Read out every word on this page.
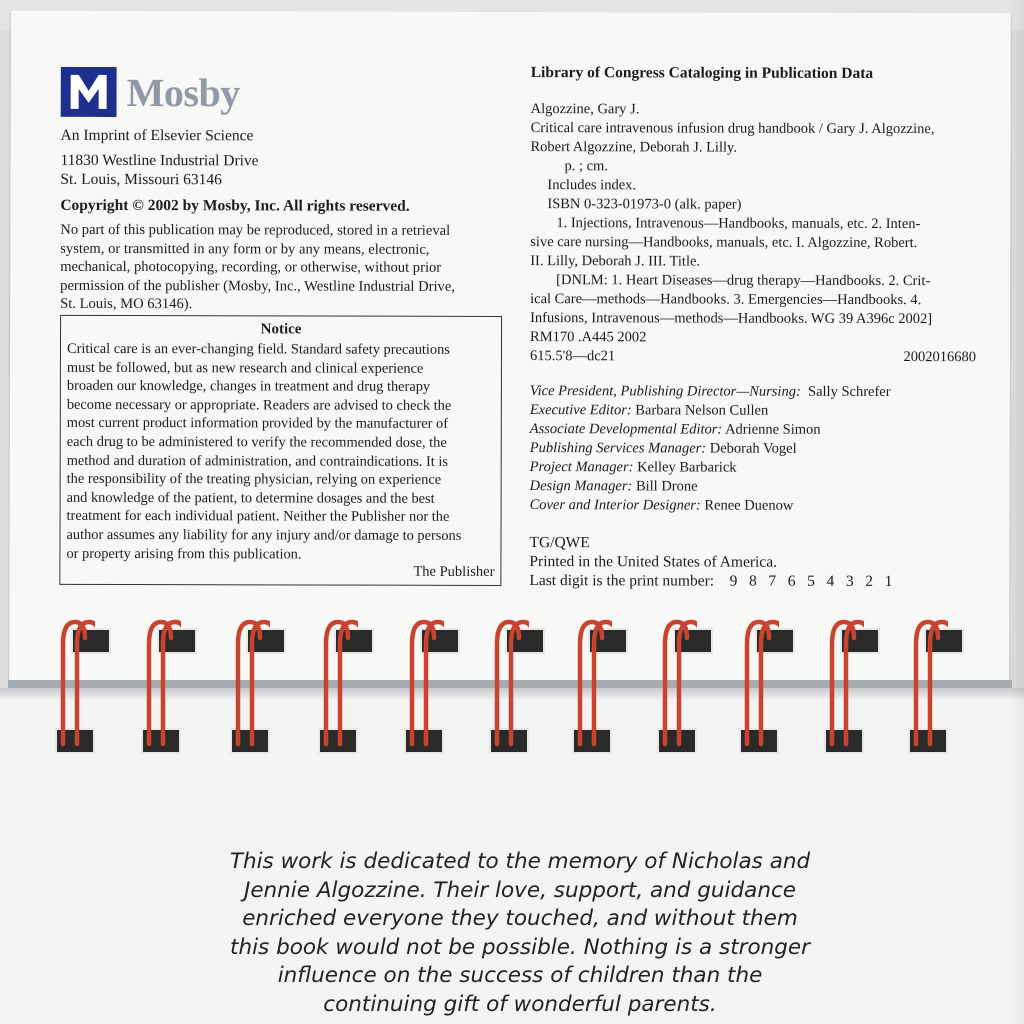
Mosby
An Imprint of Elsevier Science
11830 Westline Industrial Drive
St. Louis, Missouri 63146
Copyright © 2002 by Mosby, Inc. All rights reserved.
No part of this publication may be reproduced, stored in a retrieval
system, or transmitted in any form or by any means, electronic,
mechanical, photocopying, recording, or otherwise, without prior
permission of the publisher (Mosby, Inc., Westline Industrial Drive,
St. Louis, MO 63146).
Notice
Critical care is an ever-changing field. Standard safety precautions
must be followed, but as new research and clinical experience
broaden our knowledge, changes in treatment and drug therapy
become necessary or appropriate. Readers are advised to check the
most current product information provided by the manufacturer of
each drug to be administered to verify the recommended dose, the
method and duration of administration, and contraindications. It is
the responsibility of the treating physician, relying on experience
and knowledge of the patient, to determine dosages and the best
treatment for each individual patient. Neither the Publisher nor the
author assumes any liability for any injury and/or damage to persons
or property arising from this publication.
The Publisher
Library of Congress Cataloging in Publication Data
Algozzine, Gary J.
Critical care intravenous infusion drug handbook / Gary J. Algozzine,
Robert Algozzine, Deborah J. Lilly.
p. ; cm.
Includes index.
ISBN 0-323-01973-0 (alk. paper)
1. Injections, Intravenous—Handbooks, manuals, etc. 2. Inten-
sive care nursing—Handbooks, manuals, etc. I. Algozzine, Robert.
II. Lilly, Deborah J. III. Title.
[DNLM: 1. Heart Diseases—drug therapy—Handbooks. 2. Crit-
ical Care—methods—Handbooks. 3. Emergencies—Handbooks. 4.
Infusions, Intravenous—methods—Handbooks. WG 39 A396c 2002]
RM170 .A445 2002
615.5'8—dc21	2002016680
Vice President, Publishing Director—Nursing: Sally Schrefer
Executive Editor: Barbara Nelson Cullen
Associate Developmental Editor: Adrienne Simon
Publishing Services Manager: Deborah Vogel
Project Manager: Kelley Barbarick
Design Manager: Bill Drone
Cover and Interior Designer: Renee Duenow
TG/QWE
Printed in the United States of America.
Last digit is the print number: 9   8   7   6   5   4   3   2   1
This work is dedicated to the memory of Nicholas and
Jennie Algozzine. Their love, support, and guidance
enriched everyone they touched, and without them
this book would not be possible. Nothing is a stronger
influence on the success of children than the
continuing gift of wonderful parents.
